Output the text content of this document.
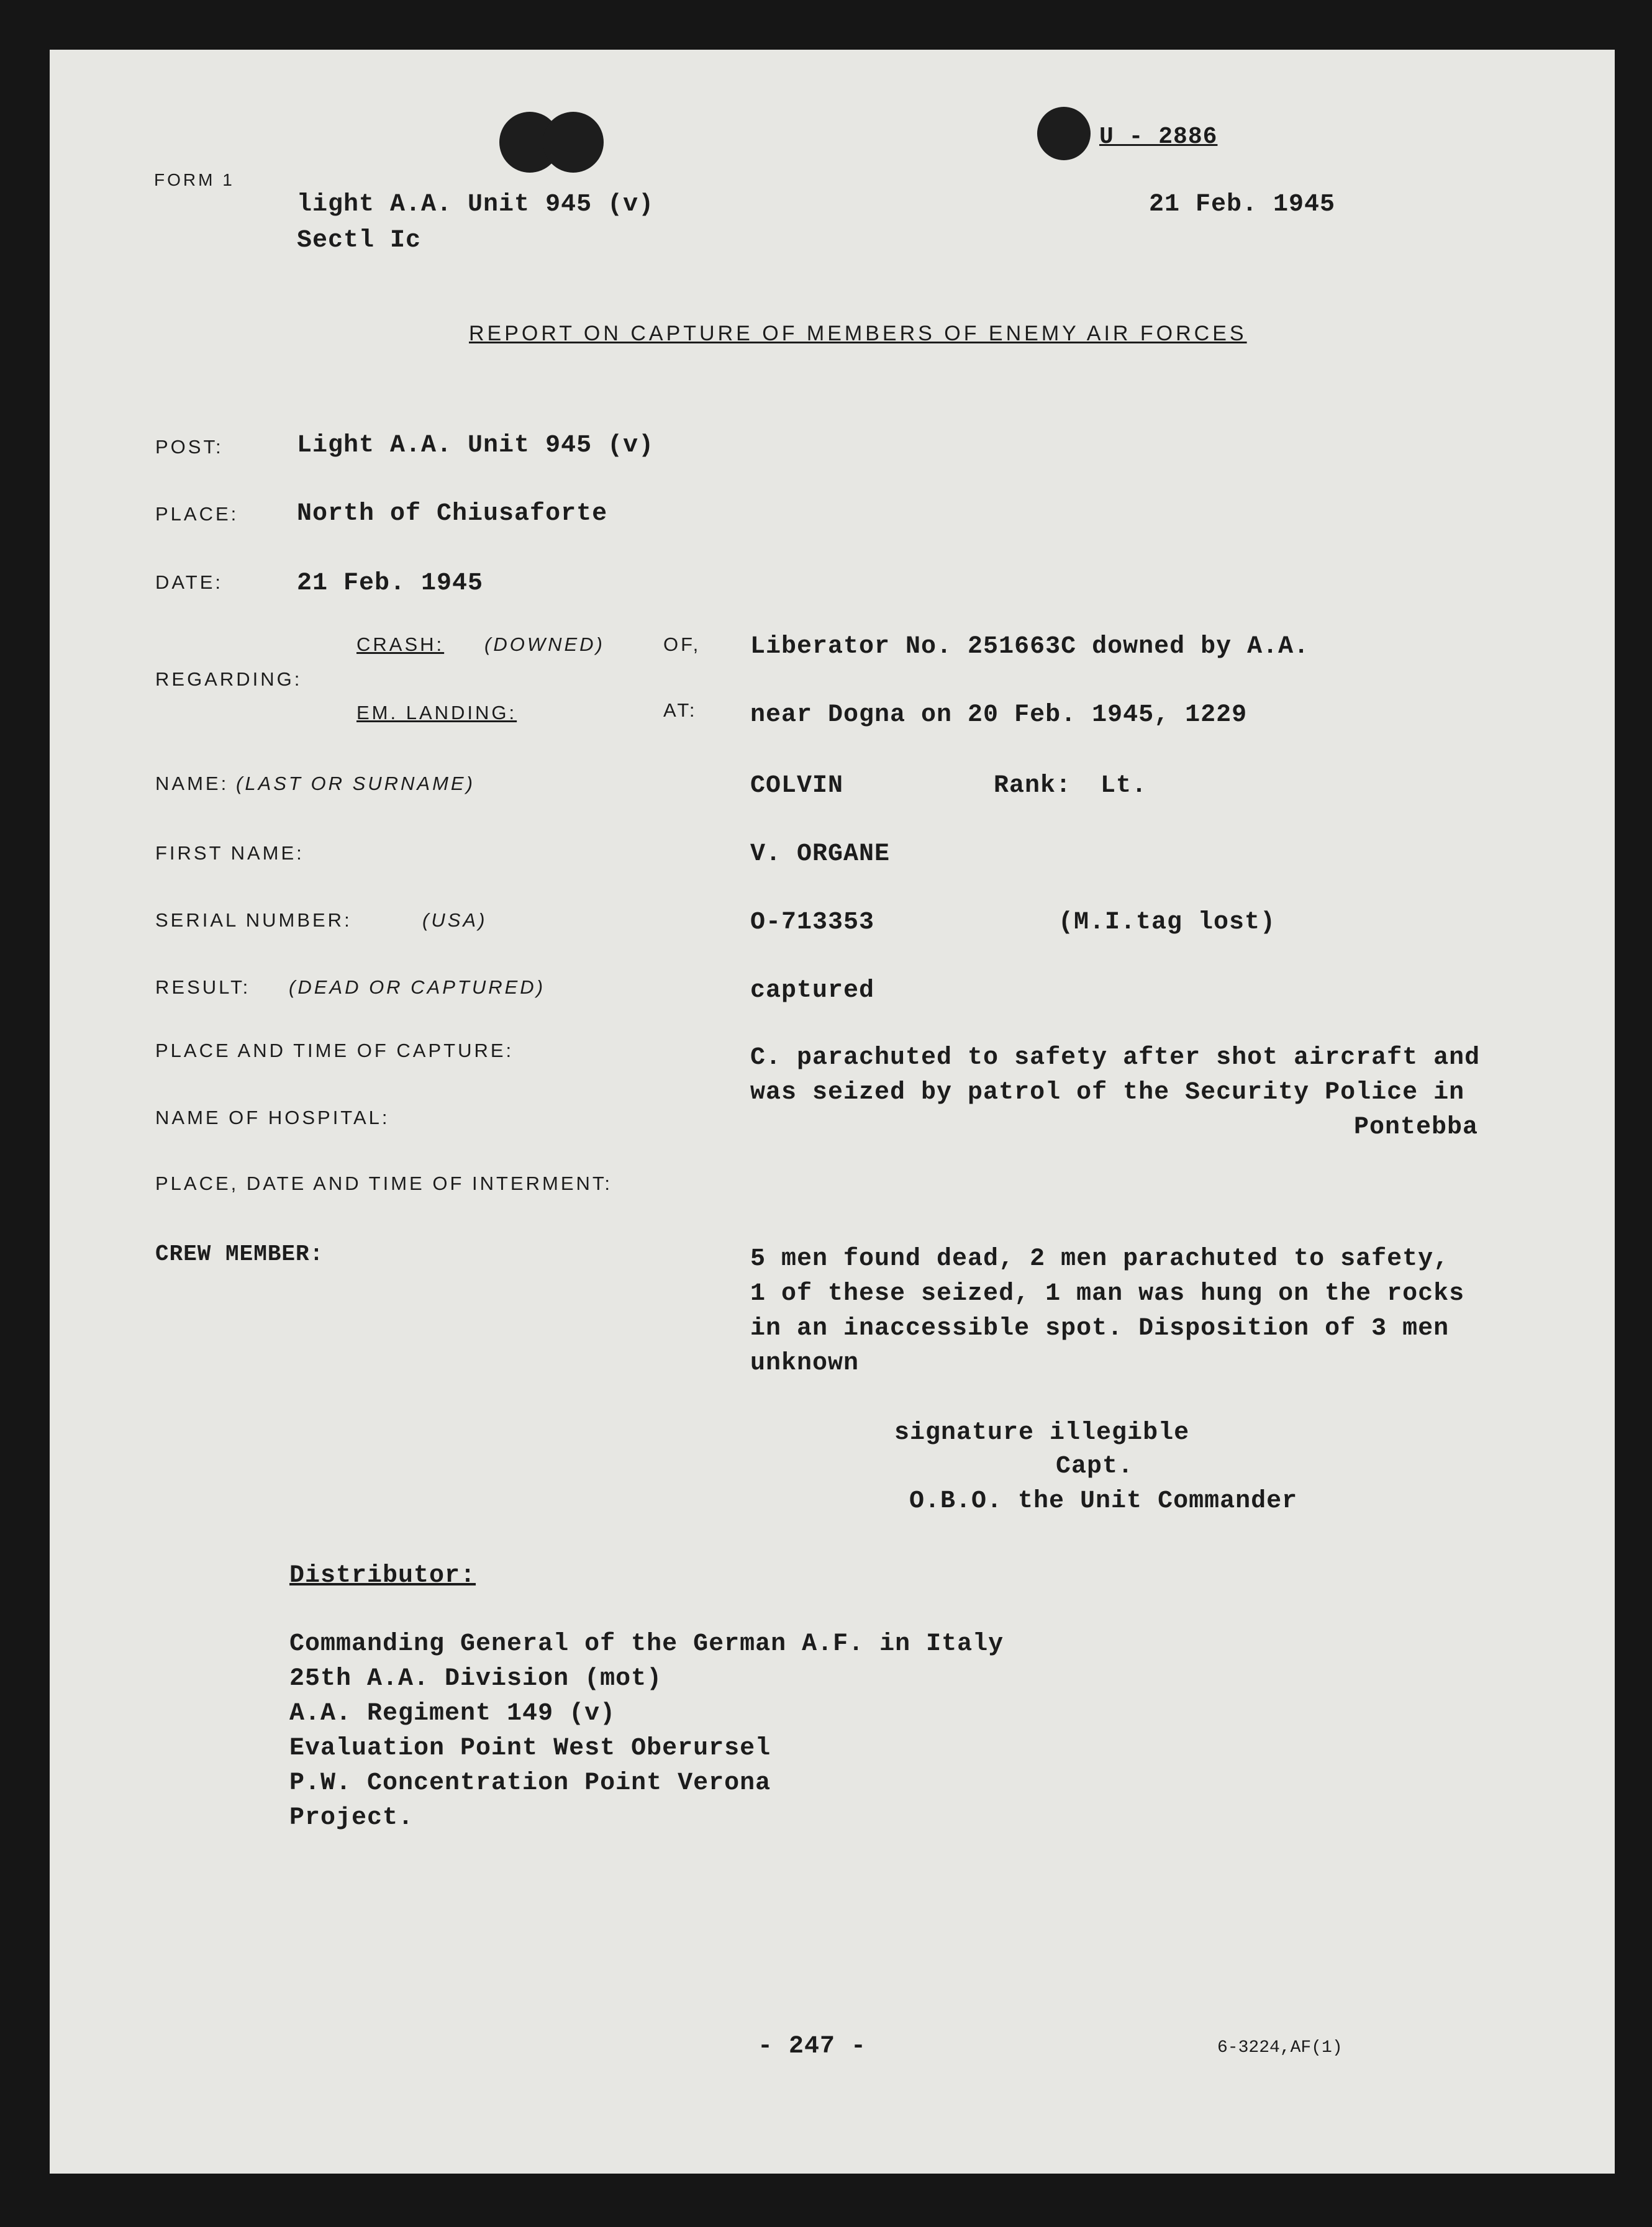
FORM 1
U - 2886
light A.A. Unit 945 (v)
Sectl Ic
21 Feb. 1945
REPORT ON CAPTURE OF MEMBERS OF ENEMY AIR FORCES
POST:	Light A.A. Unit 945 (v)
PLACE: North of Chiusaforte
DATE:	21 Feb. 1945
REGARDING:
CRASH: (DOWNED)	OF, Liberator No. 251663C downed by A.A.
EM. LANDING:	AT: near Dogna on 20 Feb. 1945, 1229
NAME: (LAST OR SURNAME)	COLVIN	Rank: Lt.
FIRST NAME:	V. ORGANE
SERIAL NUMBER:	(USA)	O-713353	(M.I.tag lost)
RESULT: (DEAD OR CAPTURED)	captured
PLACE AND TIME OF CAPTURE:	C. parachuted to safety after shot aircraft and
was seized by patrol of the Security Police in
Pontebba
NAME OF HOSPITAL:
PLACE, DATE AND TIME OF INTERMENT:
CREW MEMBER:	5 men found dead, 2 men parachuted to safety,
1 of these seized, 1 man was hung on the rocks
in an inaccessible spot. Disposition of 3 men
unknown
signature illegible
Capt.
O.B.O. the Unit Commander
Distributor:
Commanding General of the German A.F. in Italy
25th A.A. Division (mot)
A.A. Regiment 149 (v)
Evaluation Point West Oberursel
P.W. Concentration Point Verona
Project.
- 247 -	6-3224,AF(1)
